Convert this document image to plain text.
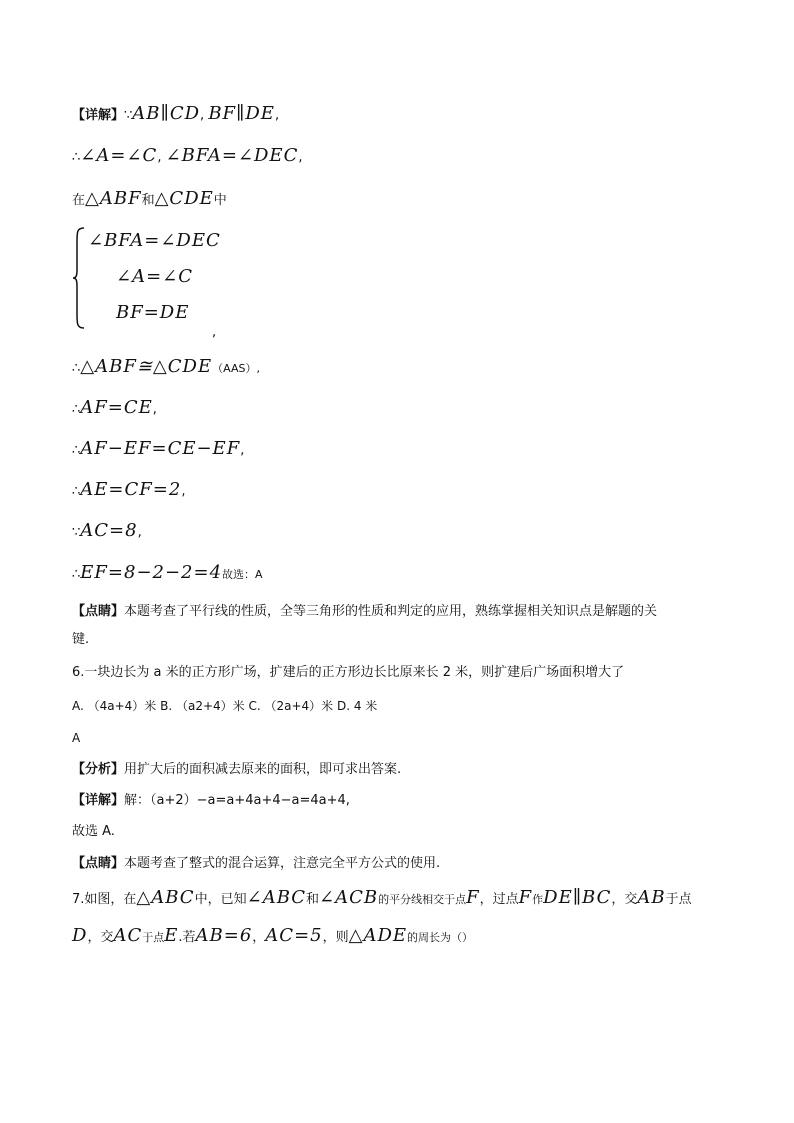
【详解】∵AB∥CD, BF∥DE,
∴∠A=∠C, ∠BFA=∠DEC,
在△ABF和△CDE中
∠BFA=∠DEC
∠A=∠C
BF=DE
,
∴△ABF≅△CDE（AAS）,
∴AF=CE,
∴AF−EF=CE−EF,
∴AE=CF=2,
∵AC=8,
∴EF=8−2−2=4故选：A
【点睛】本题考查了平行线的性质，全等三角形的性质和判定的应用，熟练掌握相关知识点是解题的关
键.
6.一块边长为 a 米的正方形广场，扩建后的正方形边长比原来长 2 米，则扩建后广场面积增大了
A. （4a+4）米 B. （a2+4）米 C. （2a+4）米 D. 4 米
A
【分析】用扩大后的面积减去原来的面积，即可求出答案.
【详解】解：（a+2）−a=a+4a+4−a=4a+4,
故选 A.
【点睛】本题考查了整式的混合运算，注意完全平方公式的使用.
7.如图，在△ABC中，已知∠ABC和∠ACB的平分线相交于点F，过点F作DE∥BC，交AB于点
D，交AC于点E.若AB=6，AC=5，则△ADE的周长为（）
